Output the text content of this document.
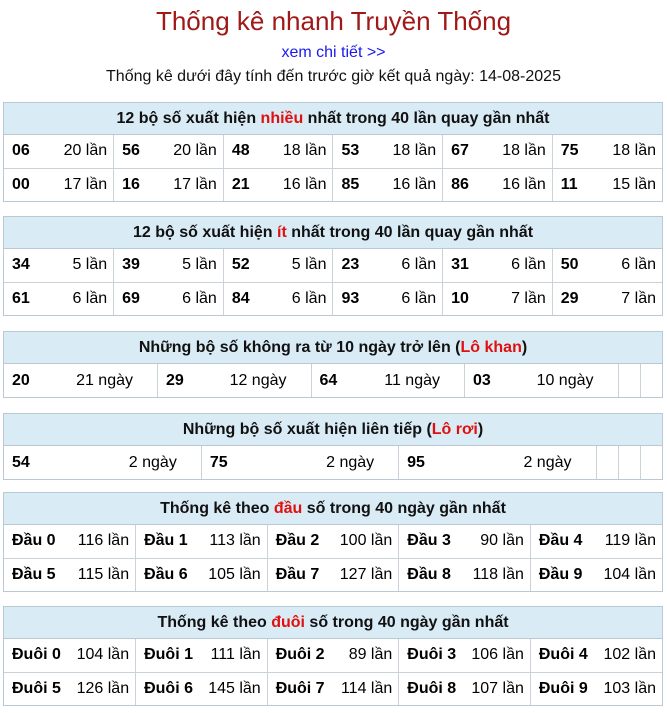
Thống kê nhanh Truyền Thống
xem chi tiết >>
Thống kê dưới đây tính đến trước giờ kết quả ngày: 14-08-2025
12 bộ số xuất hiện nhiều nhất trong 40 lần quay gần nhất
06 20 lần	56 20 lần	48 18 lần	53 18 lần	67 18 lần	75 18 lần

00 17 lần	16 17 lần	21 16 lần	85 16 lần	86 16 lần	11 15 lần
12 bộ số xuất hiện ít nhất trong 40 lần quay gần nhất
34 5 lần	39 5 lần	52 5 lần	23 6 lần	31 6 lần	50 6 lần

61 6 lần	69 6 lần	84 6 lần	93 6 lần	10 7 lần	29 7 lần
Những bộ số không ra từ 10 ngày trở lên (Lô khan)
20	21 ngày	29	12 ngày	64	11 ngày	03	10 ngày

Những bộ số xuất hiện liên tiếp (Lô rơi)
54	2 ngày	75	2 ngày	95	2 ngày

Thống kê theo đầu số trong 40 ngày gần nhất
Đầu 0 116 lần	Đầu 1 113 lần	Đầu 2 100 lần	Đầu 3 90 lần	Đầu 4 119 lần

Đầu 5 115 lần	Đầu 6 105 lần	Đầu 7 127 lần	Đầu 8 118 lần	Đầu 9 104 lần
Thống kê theo đuôi số trong 40 ngày gần nhất
Đuôi 0 104 lần	Đuôi 1 111 lần	Đuôi 2 89 lần	Đuôi 3 106 lần	Đuôi 4 102 lần

Đuôi 5 126 lần	Đuôi 6 145 lần	Đuôi 7 114 lần	Đuôi 8 107 lần	Đuôi 9 103 lần
